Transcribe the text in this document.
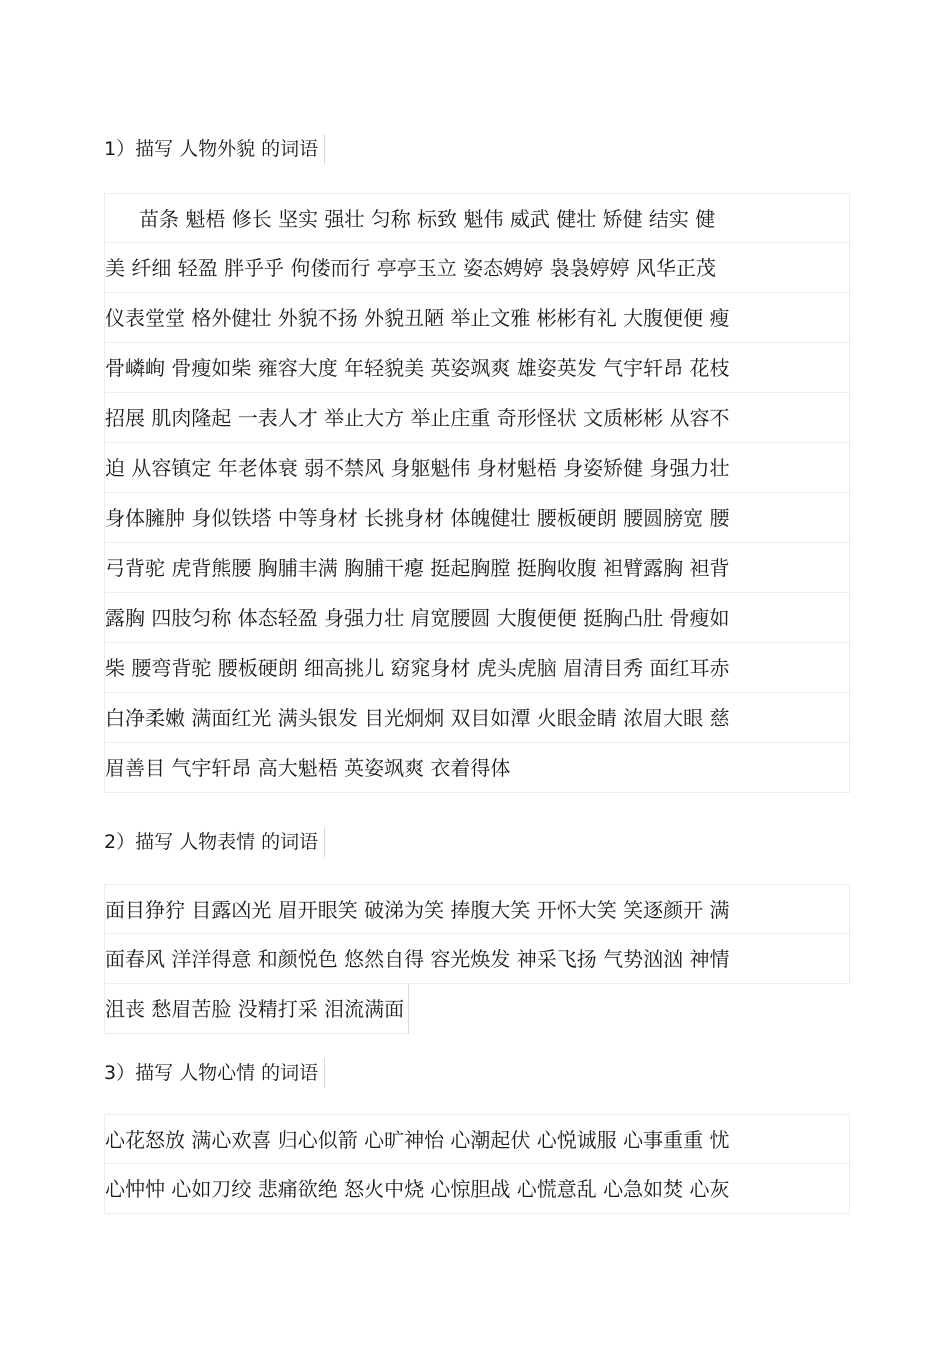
1）描写 人物外貌 的词语
苗条 魁梧 修长 坚实 强壮 匀称 标致 魁伟 威武 健壮 矫健 结实 健
美 纤细 轻盈 胖乎乎 佝偻而行 亭亭玉立 姿态娉婷 袅袅婷婷 风华正茂
仪表堂堂 格外健壮 外貌不扬 外貌丑陋 举止文雅 彬彬有礼 大腹便便 瘦
骨嶙峋 骨瘦如柴 雍容大度 年轻貌美 英姿飒爽 雄姿英发 气宇轩昂 花枝
招展 肌肉隆起 一表人才 举止大方 举止庄重 奇形怪状 文质彬彬 从容不
迫 从容镇定 年老体衰 弱不禁风 身躯魁伟 身材魁梧 身姿矫健 身强力壮
身体臃肿 身似铁塔 中等身材 长挑身材 体魄健壮 腰板硬朗 腰圆膀宽 腰
弓背驼 虎背熊腰 胸脯丰满 胸脯干瘪 挺起胸膛 挺胸收腹 袒臂露胸 袒背
露胸 四肢匀称 体态轻盈 身强力壮 肩宽腰圆 大腹便便 挺胸凸肚 骨瘦如
柴 腰弯背驼 腰板硬朗 细高挑儿 窈窕身材 虎头虎脑 眉清目秀 面红耳赤
白净柔嫩 满面红光 满头银发 目光炯炯 双目如潭 火眼金睛 浓眉大眼 慈
眉善目 气宇轩昂 高大魁梧 英姿飒爽 衣着得体
2）描写 人物表情 的词语
面目狰狞 目露凶光 眉开眼笑 破涕为笑 捧腹大笑 开怀大笑 笑逐颜开 满
面春风 洋洋得意 和颜悦色 悠然自得 容光焕发 神采飞扬 气势汹汹 神情
沮丧 愁眉苦脸 没精打采 泪流满面
3）描写 人物心情 的词语
心花怒放 满心欢喜 归心似箭 心旷神怡 心潮起伏 心悦诚服 心事重重 忧
心忡忡 心如刀绞 悲痛欲绝 怒火中烧 心惊胆战 心慌意乱 心急如焚 心灰
